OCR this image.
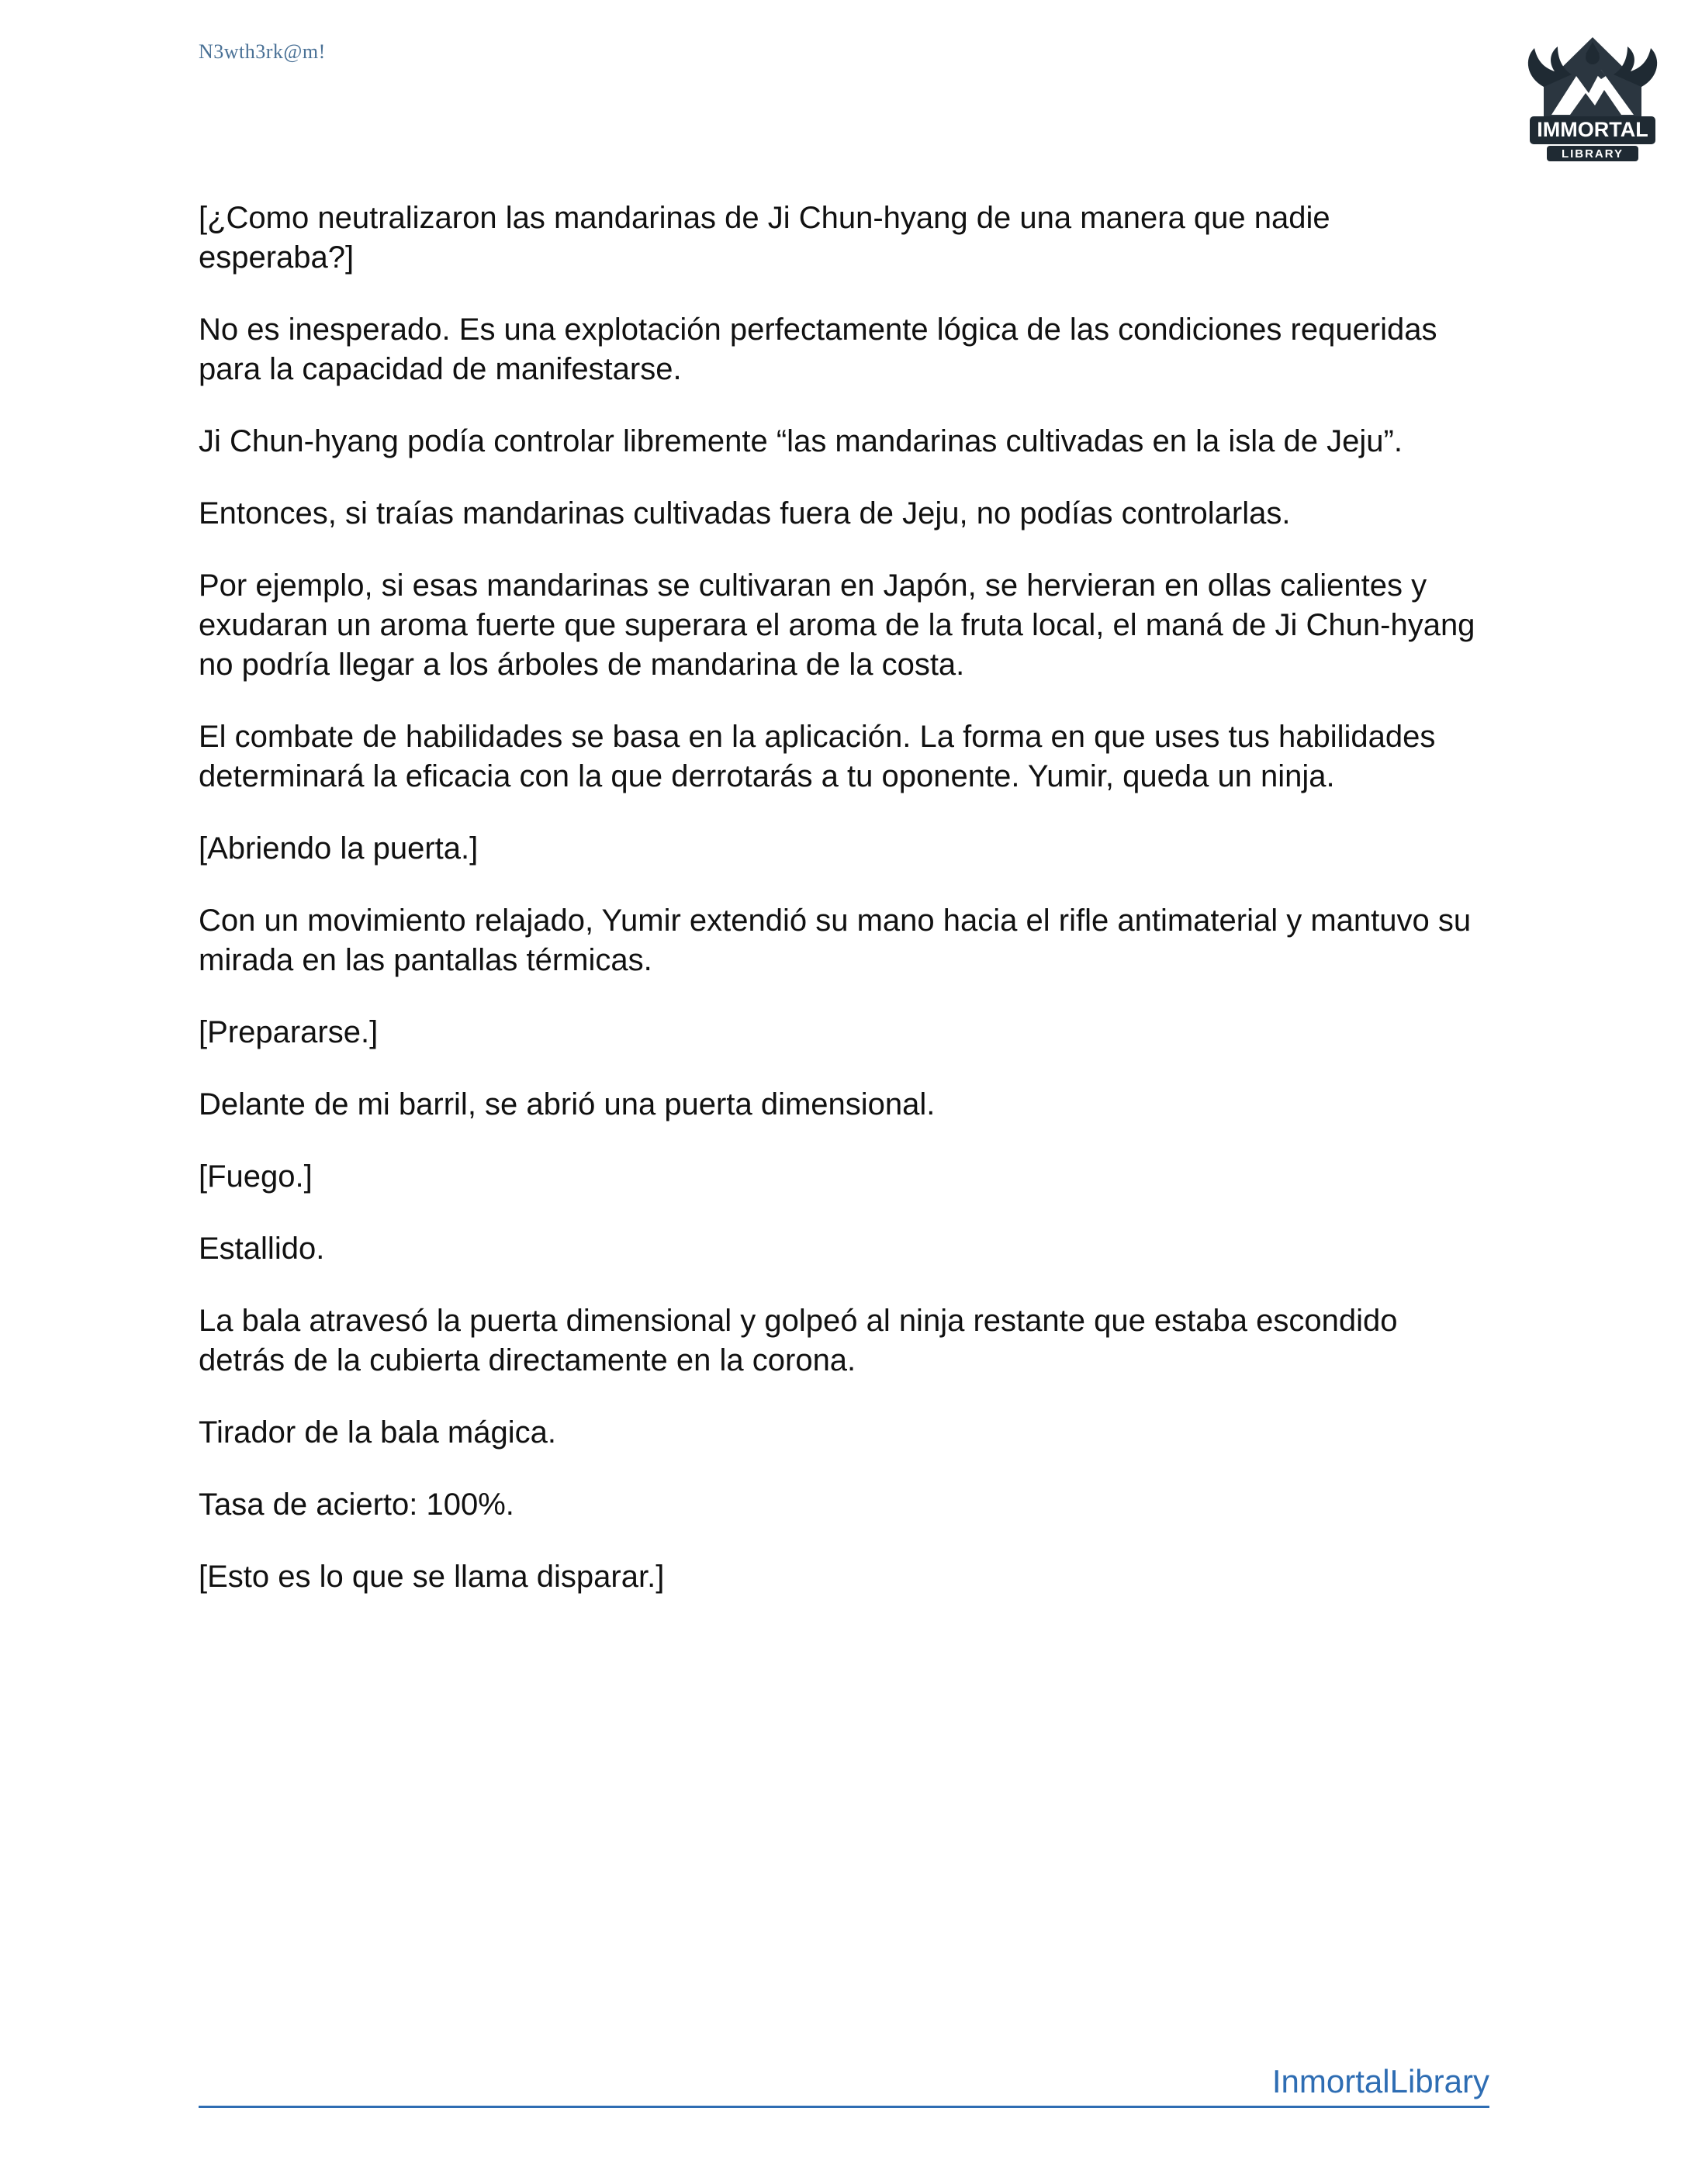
N3wth3rk@m!
IMMORTAL
LIBRARY

[¿Como neutralizaron las mandarinas de Ji Chun-hyang de una manera que nadie esperaba?]

No es inesperado. Es una explotación perfectamente lógica de las condiciones requeridas para la capacidad de manifestarse.

Ji Chun-hyang podía controlar libremente “las mandarinas cultivadas en la isla de Jeju”.

Entonces, si traías mandarinas cultivadas fuera de Jeju, no podías controlarlas.

Por ejemplo, si esas mandarinas se cultivaran en Japón, se hervieran en ollas calientes y exudaran un aroma fuerte que superara el aroma de la fruta local, el maná de Ji Chun-hyang no podría llegar a los árboles de mandarina de la costa.

El combate de habilidades se basa en la aplicación. La forma en que uses tus habilidades determinará la eficacia con la que derrotarás a tu oponente. Yumir, queda un ninja.

[Abriendo la puerta.]

Con un movimiento relajado, Yumir extendió su mano hacia el rifle antimaterial y mantuvo su mirada en las pantallas térmicas.

[Prepararse.]

Delante de mi barril, se abrió una puerta dimensional.

[Fuego.]

Estallido.

La bala atravesó la puerta dimensional y golpeó al ninja restante que estaba escondido detrás de la cubierta directamente en la corona.

Tirador de la bala mágica.

Tasa de acierto: 100%.

[Esto es lo que se llama disparar.]

InmortalLibrary
